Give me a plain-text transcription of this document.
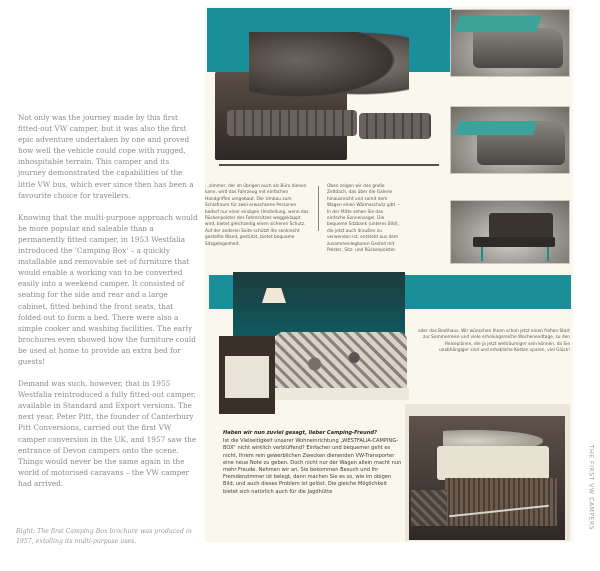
Not only was the journey made by this first fitted-out VW camper, but it was also the first epic adventure undertaken by one and proved how well the vehicle could cope with rugged, inhospitable terrain. This camper and its journey demonstrated the capabilities of the little VW bus, which ever since then has been a favourite choice for travellers.

Knowing that the multi-purpose approach would be more popular and saleable than a permanently fitted camper, in 1953 Westfalia introduced the 'Camping Box' – a quickly installable and removable set of furniture that would enable a working van to be converted easily into a weekend camper. It consisted of seating for the side and rear and a large cabinet, fitted behind the front seats, that folded out to form a bed. There were also a simple cooker and washing facilities. The early brochures even showed how the furniture could be used at home to provide an extra bed for guests!

Demand was such, however, that in 1955 Westfalia reintroduced a fully fitted-out camper, available in Standard and Export versions. The next year, Peter Pitt, the founder of Canterbury Pitt Conversions, carried out the first VW camper conversion in the UK, and 1957 saw the entrance of Devon campers onto the scene. Things would never be the same again in the world of motorised caravans – the VW camper had arrived.

Right: The first Camping Box brochure was produced in 1957, extolling its multi-purpose uses.
...zimmer, der im übrigen auch als Büro dienen kann, wird das Fahrzeug mit einfachen Handgriffen umgebaut. Der Umbau zum Schlafraum für zwei erwachsene Personen bedarf nur einer einzigen Umstellung, wenn das Rückenpolster des Fahrersitzes weggeklappt wird, bietet gleichzeitig einen sicheren Schutz. Auf der anderen Seite schützt die senkrecht gestellte Wand, gestützt, bietet bequeme Sitzgelegenheit.
Oben zeigen wir das große Zeltdach, das über die Galerie hinausreicht und somit dem Wagen einen Wärmeschutz gibt. – In der Mitte sehen Sie das einfache Sonnensegel. Die bequeme Sitzbank (unteres Bild), die jetzt auch draußen zu verwenden ist, entsteht aus dem zusammenlegbaren Gestell mit Polster, Sitz- und Rückenpolster.
oder das Boothaus. Wir wünschen Ihnen schon jetzt einen frohen Start zur Sommerreise und viele erholungsreiche Wochenendtage, zu den Reiseplänen, die ja jetzt weiträumiger sein können, da Sie unabhängiger sind und erhebliche Kosten sparen, viel Glück!
Haben wir nun zuviel gesagt, lieber Camping-Freund?
Ist die Vielseitigkeit unserer Wohneinrichtung „WESTFALIA-CAMPING-BOX“ nicht wirklich verblüffend? Einfacher und bequemer geht es nicht, Ihrem rein gewerblichen Zwecken dienenden VW-Transporter eine neue Note zu geben. Doch nicht nur der Wagen allein macht nun mehr Freude. Nehmen wir an, Sie bekommen Besuch und Ihr Fremdenzimmer ist belegt, dann machen Sie es so, wie im obigen Bild, und auch dieses Problem ist gelöst. Die gleiche Möglichkeit bietet sich natürlich auch für die Jagdhütte	THE FIRST VW CAMPERS
